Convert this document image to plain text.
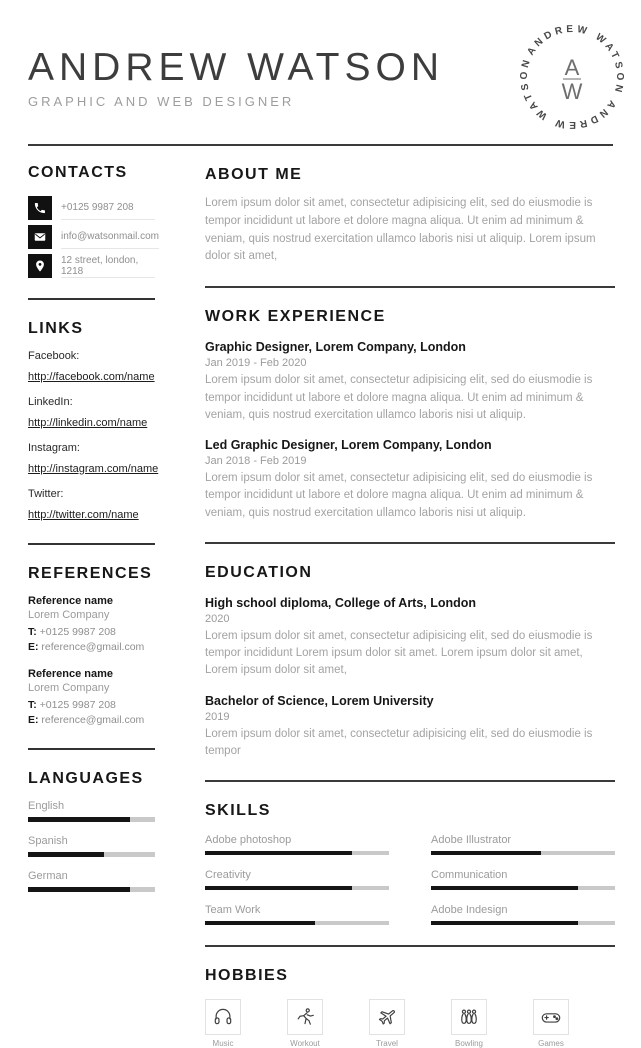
ANDREW WATSON
GRAPHIC AND WEB DESIGNER
ANDREW WATSON ANDREW WATSON	A
W
CONTACTS
+0125 9987 208
info@watsonmail.com
12 street, london, 1218
LINKS
Facebook:
http://facebook.com/name
LinkedIn:
http://linkedin.com/name
Instagram:
http://instagram.com/name
Twitter:
http://twitter.com/name
REFERENCES
Reference name
Lorem Company
T: +0125 9987 208
E: reference@gmail.com
Reference name
Lorem Company
T: +0125 9987 208
E: reference@gmail.com
LANGUAGES
English
Spanish
German
ABOUT ME
Lorem ipsum dolor sit amet, consectetur adipisicing elit, sed do eiusmodie is tempor incididunt ut labore et dolore magna aliqua. Ut enim ad minimum & veniam, quis nostrud exercitation ullamco laboris nisi ut aliquip. Lorem ipsum dolor sit amet,
WORK EXPERIENCE
Graphic Designer, Lorem Company, London
Jan 2019 - Feb 2020
Lorem ipsum dolor sit amet, consectetur adipisicing elit, sed do eiusmodie is tempor incididunt ut labore et dolore magna aliqua. Ut enim ad minimum & veniam, quis nostrud exercitation ullamco laboris nisi ut aliquip.
Led Graphic Designer, Lorem Company, London
Jan 2018 - Feb 2019
Lorem ipsum dolor sit amet, consectetur adipisicing elit, sed do eiusmodie is tempor incididunt ut labore et dolore magna aliqua. Ut enim ad minimum & veniam, quis nostrud exercitation ullamco laboris nisi ut aliquip.
EDUCATION
High school diploma, College of Arts, London
2020
Lorem ipsum dolor sit amet, consectetur adipisicing elit, sed do eiusmodie is tempor incididunt Lorem ipsum dolor sit amet. Lorem ipsum dolor sit amet, Lorem ipsum dolor sit amet,
Bachelor of Science, Lorem University
2019
Lorem ipsum dolor sit amet, consectetur adipisicing elit, sed do eiusmodie is tempor
SKILLS
Adobe photoshop	Adobe Illustrator
Creativity	Communication
Team Work	Adobe Indesign
HOBBIES
Music	Workout	Travel	Bowling	Games
